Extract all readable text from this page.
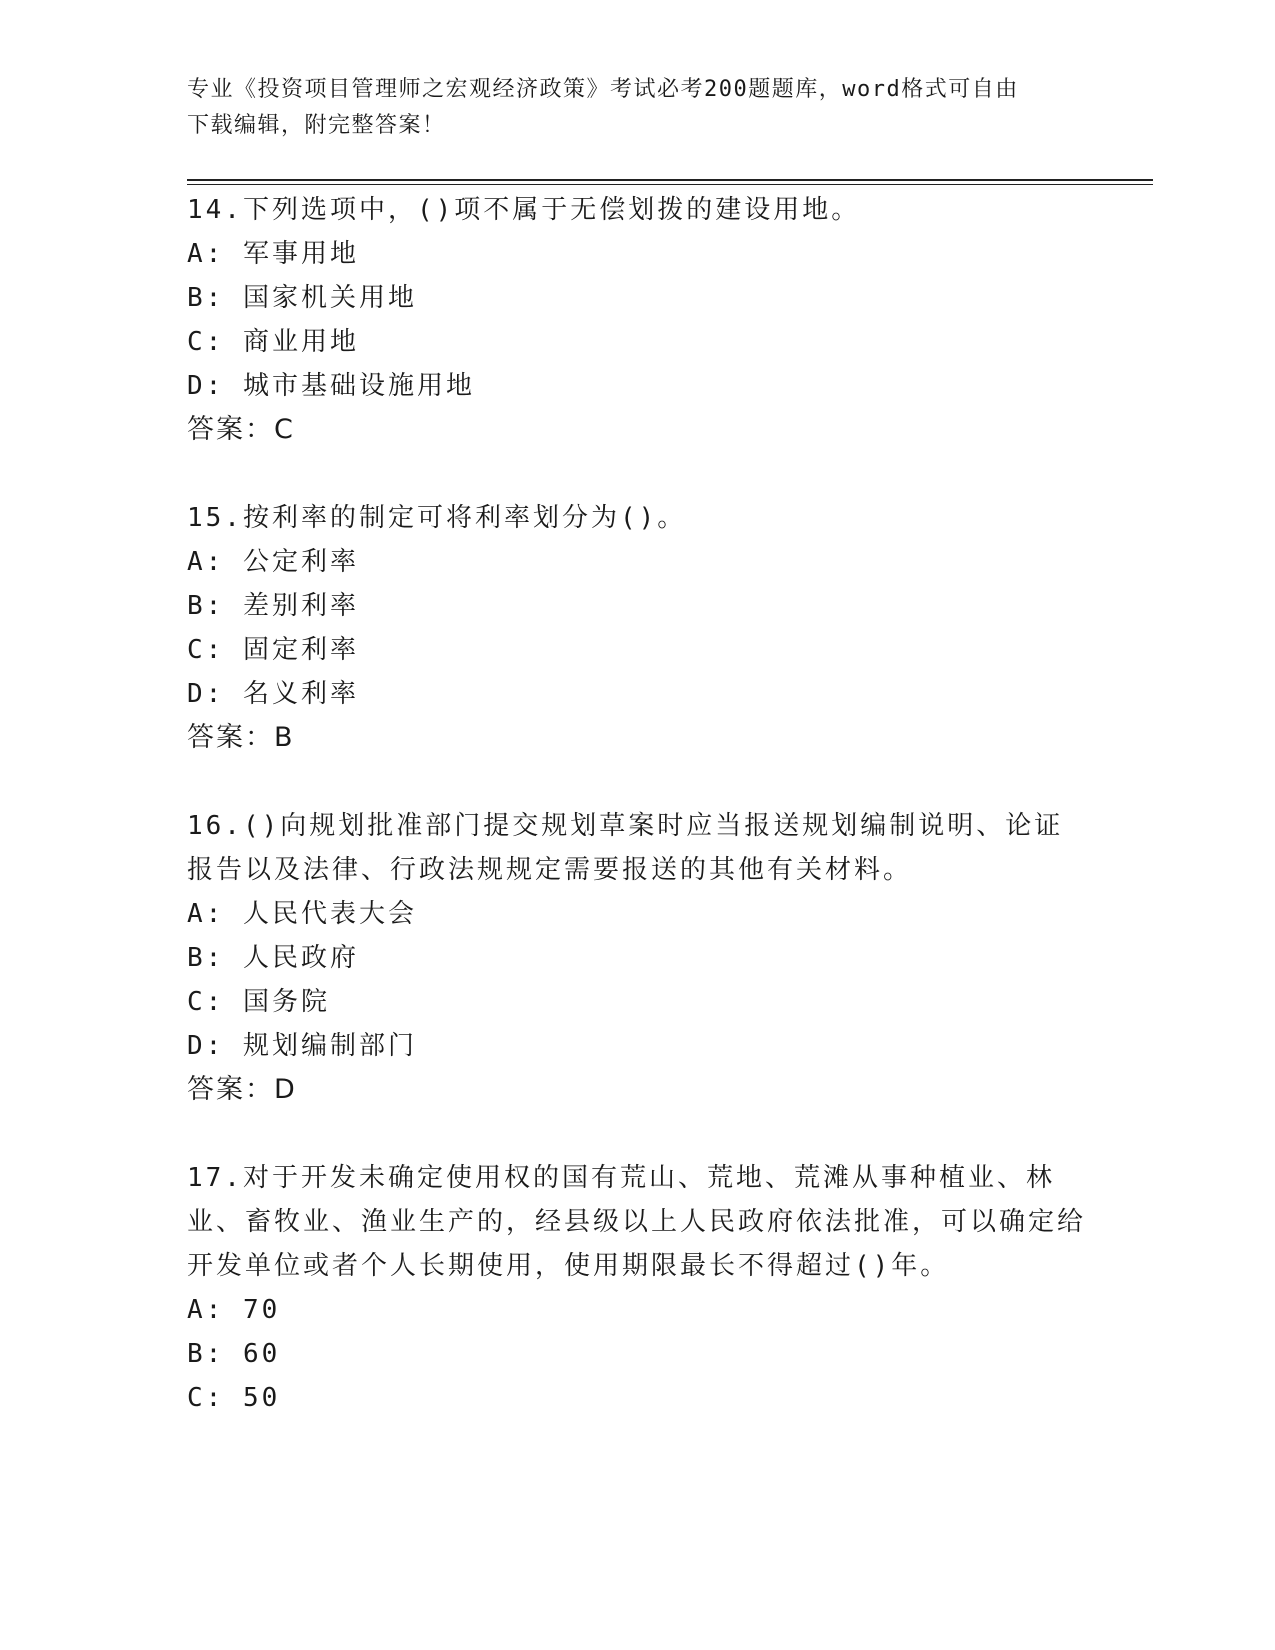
专业《投资项目管理师之宏观经济政策》考试必考200题题库，word格式可自由
下载编辑，附完整答案！

14.下列选项中，()项不属于无偿划拨的建设用地。

A: 军事用地

B: 国家机关用地

C: 商业用地

D: 城市基础设施用地

答案：C

15.按利率的制定可将利率划分为()。

A: 公定利率

B: 差别利率

C: 固定利率

D: 名义利率

答案：B

16.()向规划批准部门提交规划草案时应当报送规划编制说明、论证报告以及法律、行政法规规定需要报送的其他有关材料。

A: 人民代表大会

B: 人民政府

C: 国务院

D: 规划编制部门

答案：D

17.对于开发未确定使用权的国有荒山、荒地、荒滩从事种植业、林业、畜牧业、渔业生产的，经县级以上人民政府依法批准，可以确定给开发单位或者个人长期使用，使用期限最长不得超过()年。

A: 70

B: 60

C: 50
